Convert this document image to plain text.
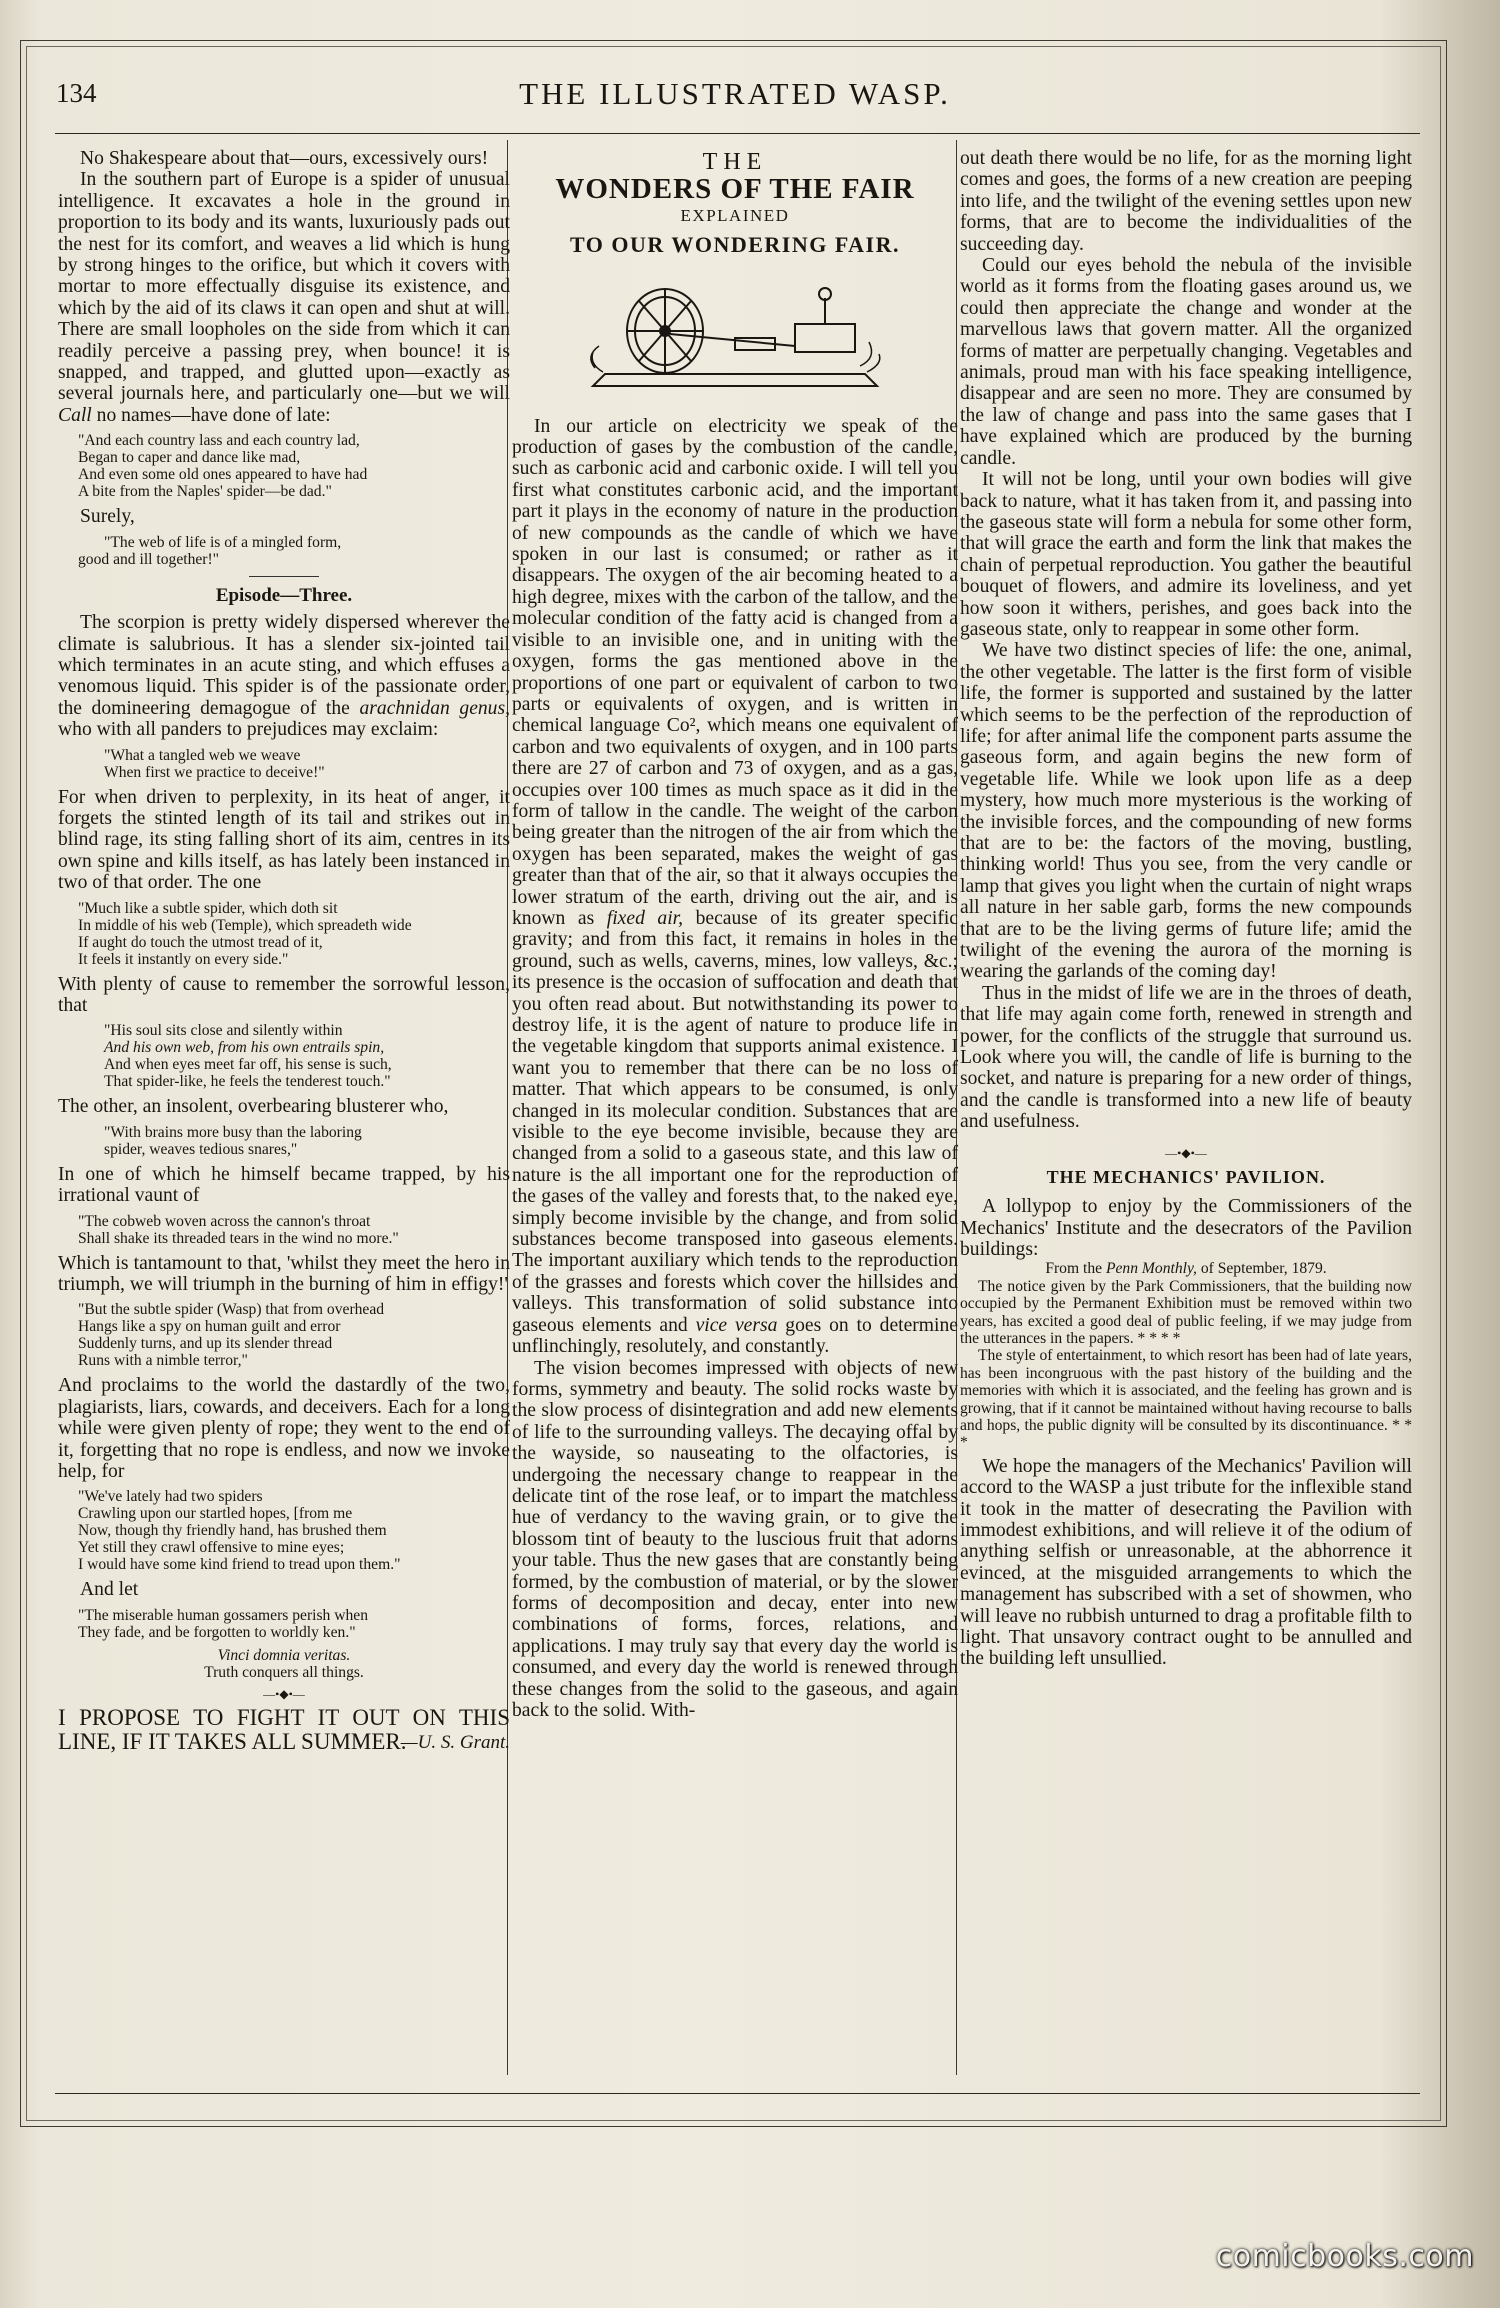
134	THE ILLUSTRATED WASP.

No Shakespeare about that—ours, excessively ours!

In the southern part of Europe is a spider of unusual intelligence. It excavates a hole in the ground in proportion to its body and its wants, luxuriously pads out the nest for its comfort, and weaves a lid which is hung by strong hinges to the orifice, but which it covers with mortar to more effectually disguise its existence, and which by the aid of its claws it can open and shut at will. There are small loopholes on the side from which it can readily perceive a passing prey, when bounce! it is snapped, and trapped, and glutted upon—exactly as several journals here, and particularly one—but we will Call no names—have done of late:

"And each country lass and each country lad,
Began to caper and dance like mad,
And even some old ones appeared to have had
A bite from the Naples' spider—be dad."

Surely,

"The web of life is of a mingled form,
good and ill together!"
Episode—Three.

The scorpion is pretty widely dispersed wherever the climate is salubrious. It has a slender six-jointed tail which terminates in an acute sting, and which effuses a venomous liquid. This spider is of the passionate order, the domineering demagogue of the arachnidan genus, who with all panders to prejudices may exclaim:

"What a tangled web we weave
When first we practice to deceive!"

For when driven to perplexity, in its heat of anger, it forgets the stinted length of its tail and strikes out in blind rage, its sting falling short of its aim, centres in its own spine and kills itself, as has lately been instanced in two of that order. The one

"Much like a subtle spider, which doth sit
In middle of his web (Temple), which spreadeth wide
If aught do touch the utmost tread of it,
It feels it instantly on every side."

With plenty of cause to remember the sorrowful lesson, that

"His soul sits close and silently within
And his own web, from his own entrails spin,
And when eyes meet far off, his sense is such,
That spider-like, he feels the tenderest touch."

The other, an insolent, overbearing blusterer who,

"With brains more busy than the laboring
spider, weaves tedious snares,"

In one of which he himself became trapped, by his irrational vaunt of

"The cobweb woven across the cannon's throat
Shall shake its threaded tears in the wind no more."

Which is tantamount to that, 'whilst they meet the hero in triumph, we will triumph in the burning of him in effigy!'

"But the subtle spider (Wasp) that from overhead
Hangs like a spy on human guilt and error
Suddenly turns, and up its slender thread
Runs with a nimble terror,"

And proclaims to the world the dastardly of the two, plagiarists, liars, cowards, and deceivers. Each for a long while were given plenty of rope; they went to the end of it, forgetting that no rope is endless, and now we invoke help, for

"We've lately had two spiders
Crawling upon our startled hopes, [from me
Now, though thy friendly hand, has brushed them
Yet still they crawl offensive to mine eyes;
I would have some kind friend to tread upon them."

And let

"The miserable human gossamers perish when
They fade, and be forgotten to worldly ken."
Vinci domnia veritas.
Truth conquers all things.
—•◆•—

I PROPOSE TO FIGHT IT OUT ON THIS LINE, IF IT TAKES ALL SUMMER.

—U. S. Grant.
THE
WONDERS OF THE FAIR
EXPLAINED
TO OUR WONDERING FAIR.

In our article on electricity we speak of the production of gases by the combustion of the candle, such as carbonic acid and carbonic oxide. I will tell you first what constitutes carbonic acid, and the important part it plays in the economy of nature in the production of new compounds as the candle of which we have spoken in our last is consumed; or rather as it disappears. The oxygen of the air becoming heated to a high degree, mixes with the carbon of the tallow, and the molecular condition of the fatty acid is changed from a visible to an invisible one, and in uniting with the oxygen, forms the gas mentioned above in the proportions of one part or equivalent of carbon to two parts or equivalents of oxygen, and is written in chemical language Co², which means one equivalent of carbon and two equivalents of oxygen, and in 100 parts there are 27 of carbon and 73 of oxygen, and as a gas, occupies over 100 times as much space as it did in the form of tallow in the candle. The weight of the carbon being greater than the nitrogen of the air from which the oxygen has been separated, makes the weight of gas greater than that of the air, so that it always occupies the lower stratum of the earth, driving out the air, and is known as fixed air, because of its greater specific gravity; and from this fact, it remains in holes in the ground, such as wells, caverns, mines, low valleys, &c.; its presence is the occasion of suffocation and death that you often read about. But notwithstanding its power to destroy life, it is the agent of nature to produce life in the vegetable kingdom that supports animal existence. I want you to remember that there can be no loss of matter. That which appears to be consumed, is only changed in its molecular condition. Substances that are visible to the eye become invisible, because they are changed from a solid to a gaseous state, and this law of nature is the all important one for the reproduction of the gases of the valley and forests that, to the naked eye, simply become invisible by the change, and from solid substances become transposed into gaseous elements. The important auxiliary which tends to the reproduction of the grasses and forests which cover the hillsides and valleys. This transformation of solid substance into gaseous elements and vice versa goes on to determine unflinchingly, resolutely, and constantly.

The vision becomes impressed with objects of new forms, symmetry and beauty. The solid rocks waste by the slow process of disintegration and add new elements of life to the surrounding valleys. The decaying offal by the wayside, so nauseating to the olfactories, is undergoing the necessary change to reappear in the delicate tint of the rose leaf, or to impart the matchless hue of verdancy to the waving grain, or to give the blossom tint of beauty to the luscious fruit that adorns your table. Thus the new gases that are constantly being formed, by the combustion of material, or by the slower forms of decomposition and decay, enter into new combinations of forms, forces, relations, and applications. I may truly say that every day the world is consumed, and every day the world is renewed through these changes from the solid to the gaseous, and again back to the solid. With-

out death there would be no life, for as the morning light comes and goes, the forms of a new creation are peeping into life, and the twilight of the evening settles upon new forms, that are to become the individualities of the succeeding day.

Could our eyes behold the nebula of the invisible world as it forms from the floating gases around us, we could then appreciate the change and wonder at the marvellous laws that govern matter. All the organized forms of matter are perpetually changing. Vegetables and animals, proud man with his face speaking intelligence, disappear and are seen no more. They are consumed by the law of change and pass into the same gases that I have explained which are produced by the burning candle.

It will not be long, until your own bodies will give back to nature, what it has taken from it, and passing into the gaseous state will form a nebula for some other form, that will grace the earth and form the link that makes the chain of perpetual reproduction. You gather the beautiful bouquet of flowers, and admire its loveliness, and yet how soon it withers, perishes, and goes back into the gaseous state, only to reappear in some other form.

We have two distinct species of life: the one, animal, the other vegetable. The latter is the first form of visible life, the former is supported and sustained by the latter which seems to be the perfection of the reproduction of life; for after animal life the component parts assume the gaseous form, and again begins the new form of vegetable life. While we look upon life as a deep mystery, how much more mysterious is the working of the invisible forces, and the compounding of new forms that are to be: the factors of the moving, bustling, thinking world! Thus you see, from the very candle or lamp that gives you light when the curtain of night wraps all nature in her sable garb, forms the new compounds that are to be the living germs of future life; amid the twilight of the evening the aurora of the morning is wearing the garlands of the coming day!

Thus in the midst of life we are in the throes of death, that life may again come forth, renewed in strength and power, for the conflicts of the struggle that surround us. Look where you will, the candle of life is burning to the socket, and nature is preparing for a new order of things, and the candle is transformed into a new life of beauty and usefulness.

—•◆•—
THE MECHANICS' PAVILION.

A lollypop to enjoy by the Commissioners of the Mechanics' Institute and the desecrators of the Pavilion buildings:

From the Penn Monthly, of September, 1879.

The notice given by the Park Commissioners, that the building now occupied by the Permanent Exhibition must be removed within two years, has excited a good deal of public feeling, if we may judge from the utterances in the papers. * * * *

The style of entertainment, to which resort has been had of late years, has been incongruous with the past history of the building and the memories with which it is associated, and the feeling has grown and is growing, that if it cannot be maintained without having recourse to balls and hops, the public dignity will be consulted by its discontinuance. * * *

We hope the managers of the Mechanics' Pavilion will accord to the WASP a just tribute for the inflexible stand it took in the matter of desecrating the Pavilion with immodest exhibitions, and will relieve it of the odium of anything selfish or unreasonable, at the abhorrence it evinced, at the misguided arrangements to which the management has subscribed with a set of showmen, who will leave no rubbish unturned to drag a profitable filth to light. That unsavory contract ought to be annulled and the building left unsullied.

comicbooks.com
